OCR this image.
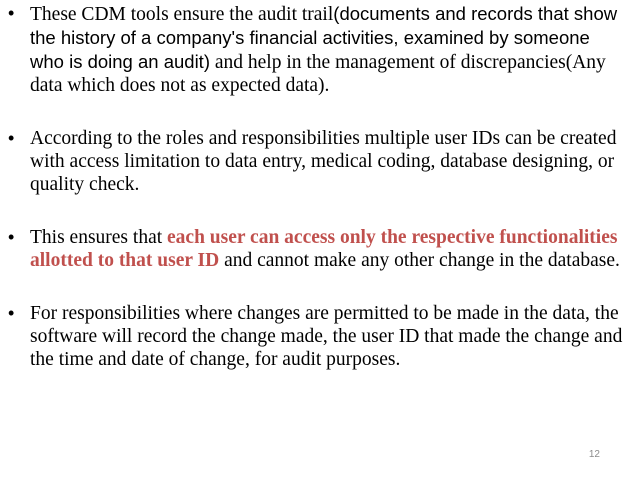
• These CDM tools ensure the audit trail(documents and records that show the history of a company's financial activities, examined by someone who is doing an audit) and help in the management of discrepancies(Any data which does not as expected data).
• According to the roles and responsibilities multiple user IDs can be created with access limitation to data entry, medical coding, database designing, or quality check.
• This ensures that each user can access only the respective functionalities allotted to that user ID and cannot make any other change in the database.
• For responsibilities where changes are permitted to be made in the data, the software will record the change made, the user ID that made the change and the time and date of change, for audit purposes.
12
